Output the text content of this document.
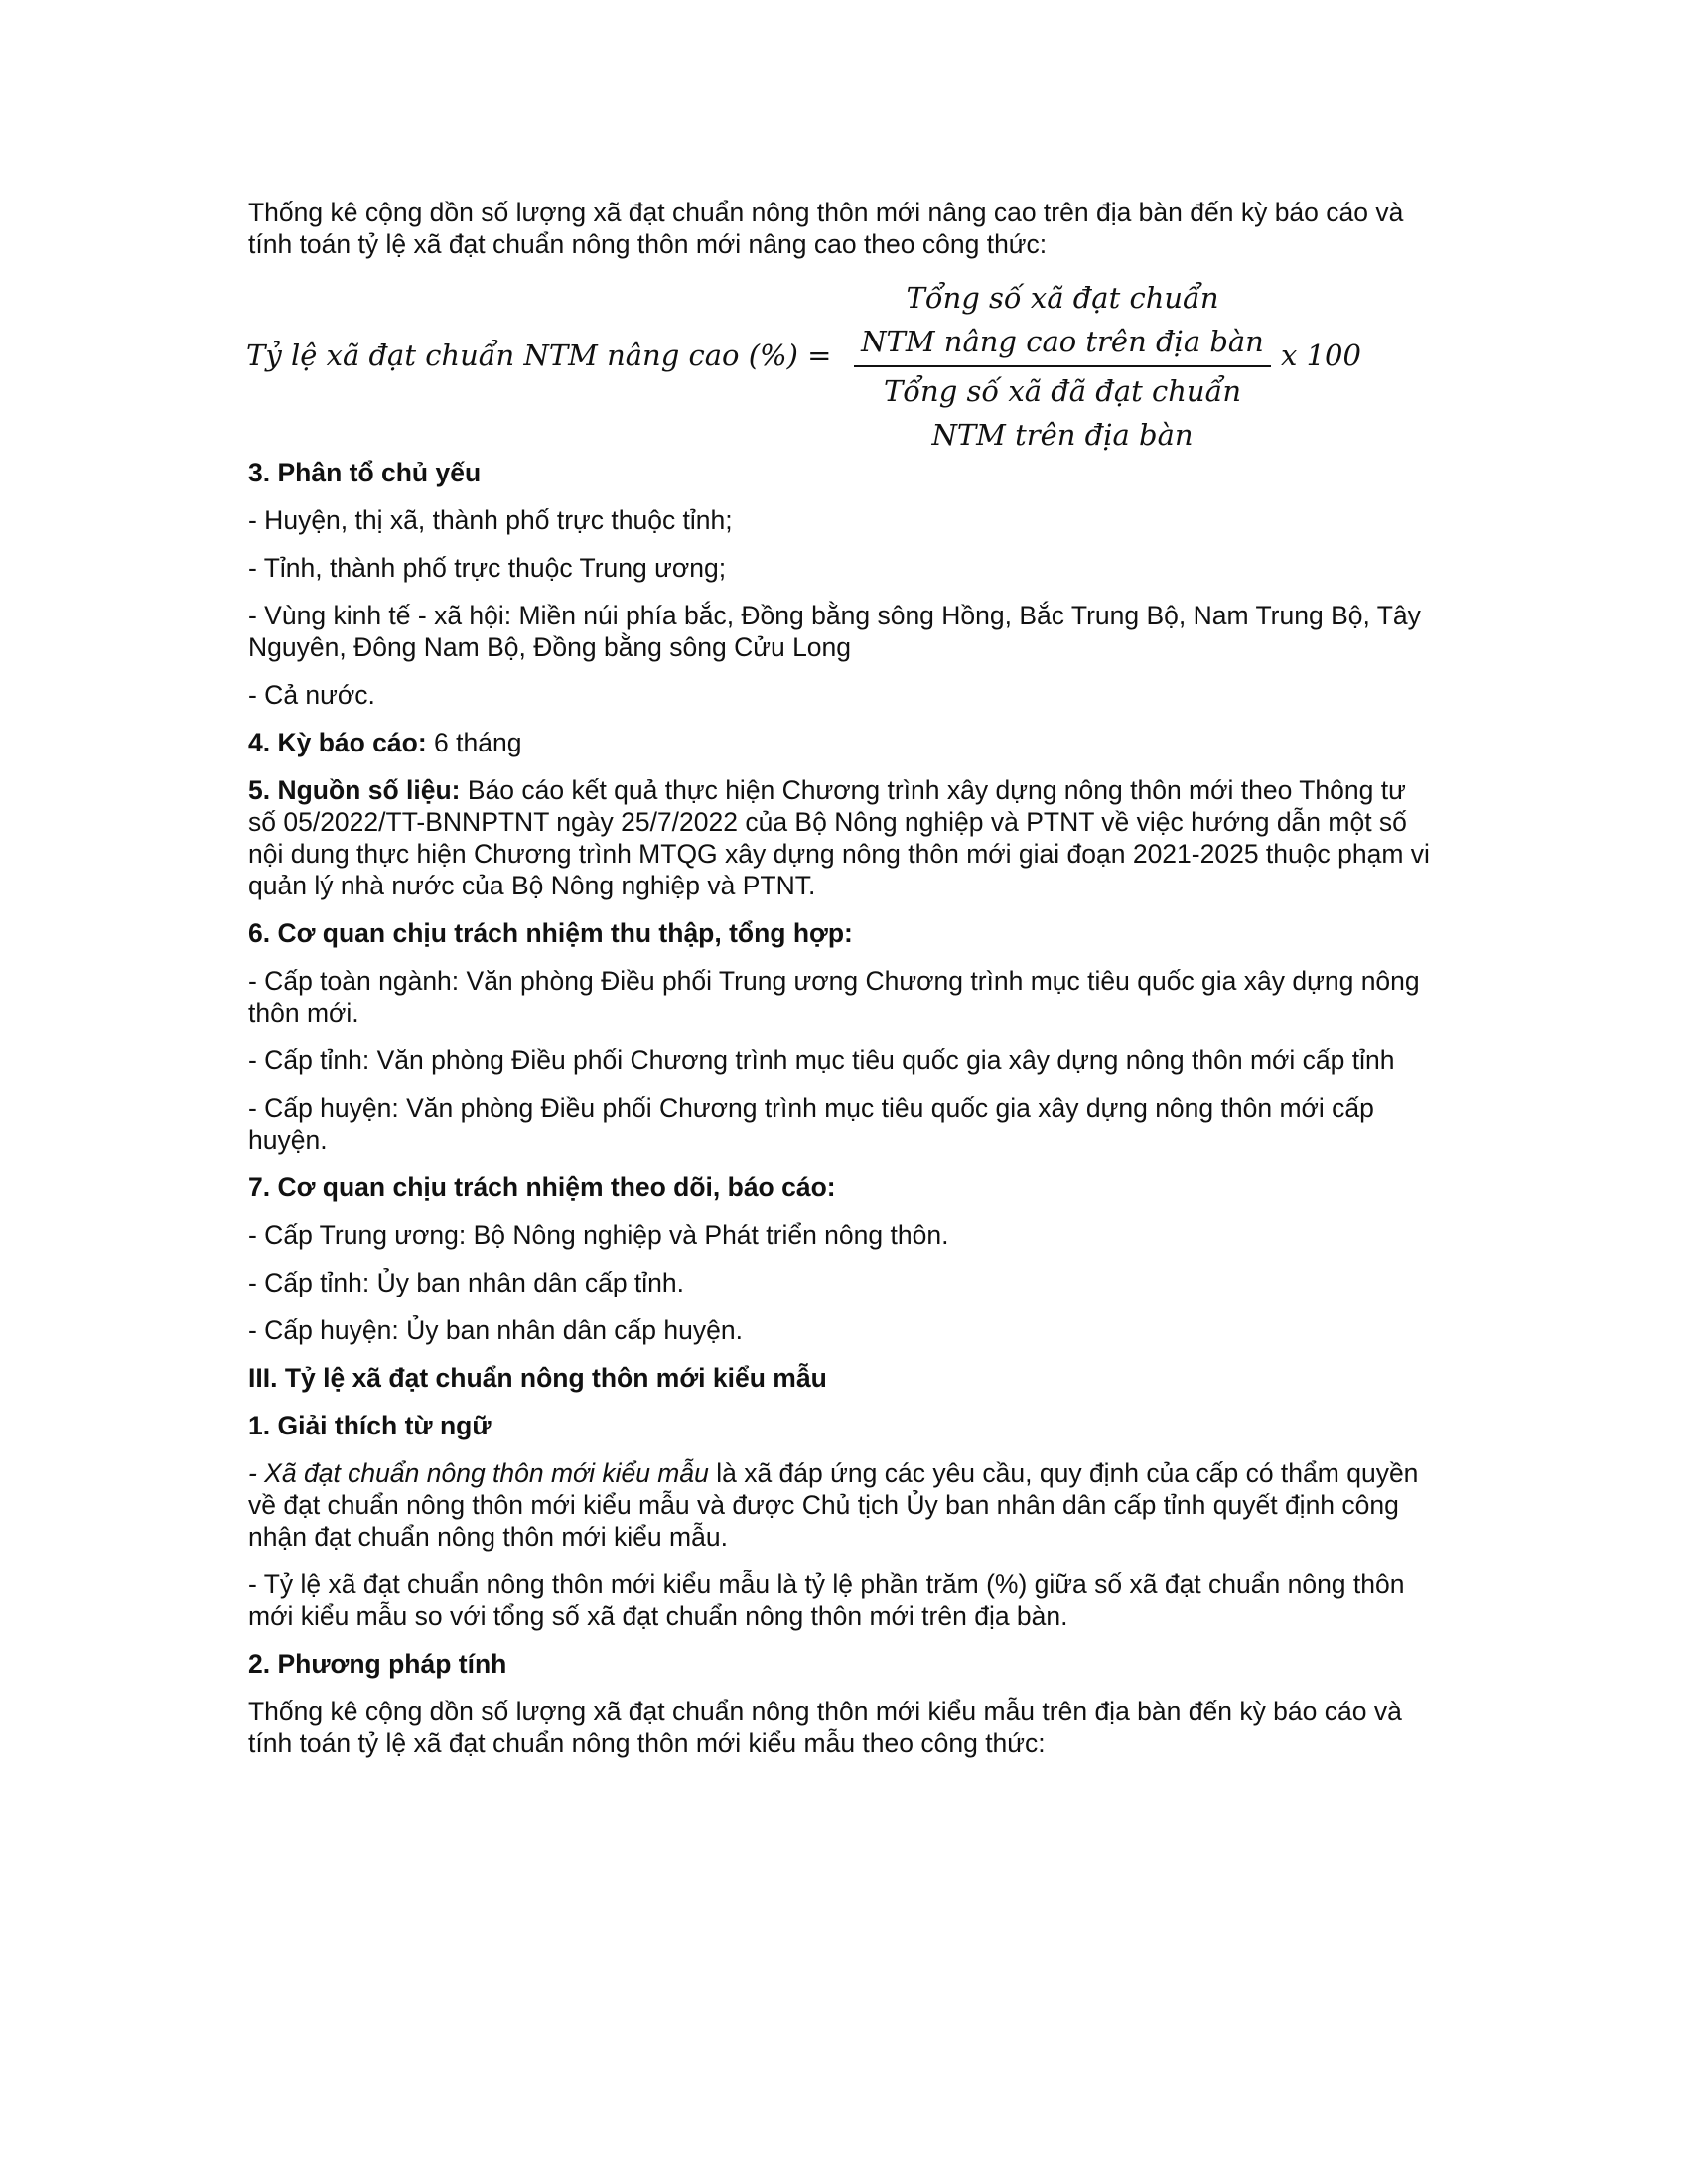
Thống kê cộng dồn số lượng xã đạt chuẩn nông thôn mới nâng cao trên địa bàn đến kỳ báo cáo và tính toán tỷ lệ xã đạt chuẩn nông thôn mới nâng cao theo công thức:

Tỷ lệ xã đạt chuẩn NTM nâng cao (%) =
Tổng số xã đạt chuẩn
NTM nâng cao trên địa bàn
Tổng số xã đã đạt chuẩn
NTM trên địa bàn
x 100

3. Phân tổ chủ yếu

- Huyện, thị xã, thành phố trực thuộc tỉnh;

- Tỉnh, thành phố trực thuộc Trung ương;

- Vùng kinh tế - xã hội: Miền núi phía bắc, Đồng bằng sông Hồng, Bắc Trung Bộ, Nam Trung Bộ, Tây Nguyên, Đông Nam Bộ, Đồng bằng sông Cửu Long

- Cả nước.

4. Kỳ báo cáo: 6 tháng

5. Nguồn số liệu: Báo cáo kết quả thực hiện Chương trình xây dựng nông thôn mới theo Thông tư số 05/2022/TT-BNNPTNT ngày 25/7/2022 của Bộ Nông nghiệp và PTNT về việc hướng dẫn một số nội dung thực hiện Chương trình MTQG xây dựng nông thôn mới giai đoạn 2021-2025 thuộc phạm vi quản lý nhà nước của Bộ Nông nghiệp và PTNT.

6. Cơ quan chịu trách nhiệm thu thập, tổng hợp:

- Cấp toàn ngành: Văn phòng Điều phối Trung ương Chương trình mục tiêu quốc gia xây dựng nông thôn mới.

- Cấp tỉnh: Văn phòng Điều phối Chương trình mục tiêu quốc gia xây dựng nông thôn mới cấp tỉnh

- Cấp huyện: Văn phòng Điều phối Chương trình mục tiêu quốc gia xây dựng nông thôn mới cấp huyện.

7. Cơ quan chịu trách nhiệm theo dõi, báo cáo:

- Cấp Trung ương: Bộ Nông nghiệp và Phát triển nông thôn.

- Cấp tỉnh: Ủy ban nhân dân cấp tỉnh.

- Cấp huyện: Ủy ban nhân dân cấp huyện.

III. Tỷ lệ xã đạt chuẩn nông thôn mới kiểu mẫu

1. Giải thích từ ngữ

- Xã đạt chuẩn nông thôn mới kiểu mẫu là xã đáp ứng các yêu cầu, quy định của cấp có thẩm quyền về đạt chuẩn nông thôn mới kiểu mẫu và được Chủ tịch Ủy ban nhân dân cấp tỉnh quyết định công nhận đạt chuẩn nông thôn mới kiểu mẫu.

- Tỷ lệ xã đạt chuẩn nông thôn mới kiểu mẫu là tỷ lệ phần trăm (%) giữa số xã đạt chuẩn nông thôn mới kiểu mẫu so với tổng số xã đạt chuẩn nông thôn mới trên địa bàn.

2. Phương pháp tính

Thống kê cộng dồn số lượng xã đạt chuẩn nông thôn mới kiểu mẫu trên địa bàn đến kỳ báo cáo và tính toán tỷ lệ xã đạt chuẩn nông thôn mới kiểu mẫu theo công thức:
